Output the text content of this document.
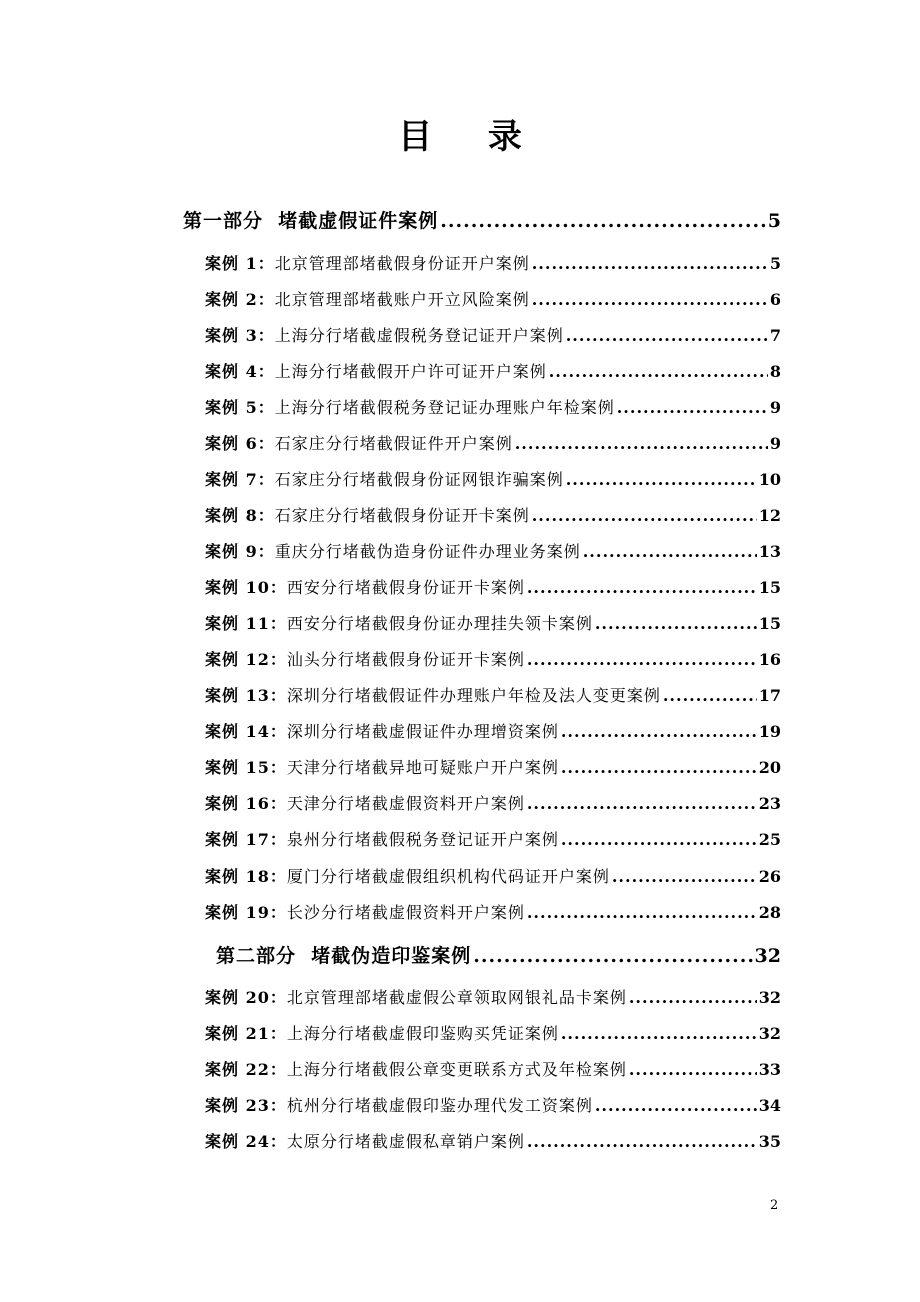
目 录
第一部分 堵截虚假证件案例 .....	5
案例 1：北京管理部堵截假身份证开户案例 .....	5
案例 2：北京管理部堵截账户开立风险案例 .....	6
案例 3：上海分行堵截虚假税务登记证开户案例 .....	7
案例 4：上海分行堵截假开户许可证开户案例 .....	8
案例 5：上海分行堵截假税务登记证办理账户年检案例 .....	9
案例 6：石家庄分行堵截假证件开户案例 .....	9
案例 7：石家庄分行堵截假身份证网银诈骗案例 .....	10
案例 8：石家庄分行堵截假身份证开卡案例 .....	12
案例 9：重庆分行堵截伪造身份证件办理业务案例 .....	13
案例 10：西安分行堵截假身份证开卡案例 .....	15
案例 11：西安分行堵截假身份证办理挂失领卡案例 .....	15
案例 12：汕头分行堵截假身份证开卡案例 .....	16
案例 13：深圳分行堵截假证件办理账户年检及法人变更案例 .....	17
案例 14：深圳分行堵截虚假证件办理增资案例 .....	19
案例 15：天津分行堵截异地可疑账户开户案例 .....	20
案例 16：天津分行堵截虚假资料开户案例 .....	23
案例 17：泉州分行堵截假税务登记证开户案例 .....	25
案例 18：厦门分行堵截虚假组织机构代码证开户案例 .....	26
案例 19：长沙分行堵截虚假资料开户案例 .....	28
第二部分 堵截伪造印鉴案例 .....	32
案例 20：北京管理部堵截虚假公章领取网银礼品卡案例 .....	32
案例 21：上海分行堵截虚假印鉴购买凭证案例 .....	32
案例 22：上海分行堵截假公章变更联系方式及年检案例 .....	33
案例 23：杭州分行堵截虚假印鉴办理代发工资案例 .....	34
案例 24：太原分行堵截虚假私章销户案例 .....	35
2
